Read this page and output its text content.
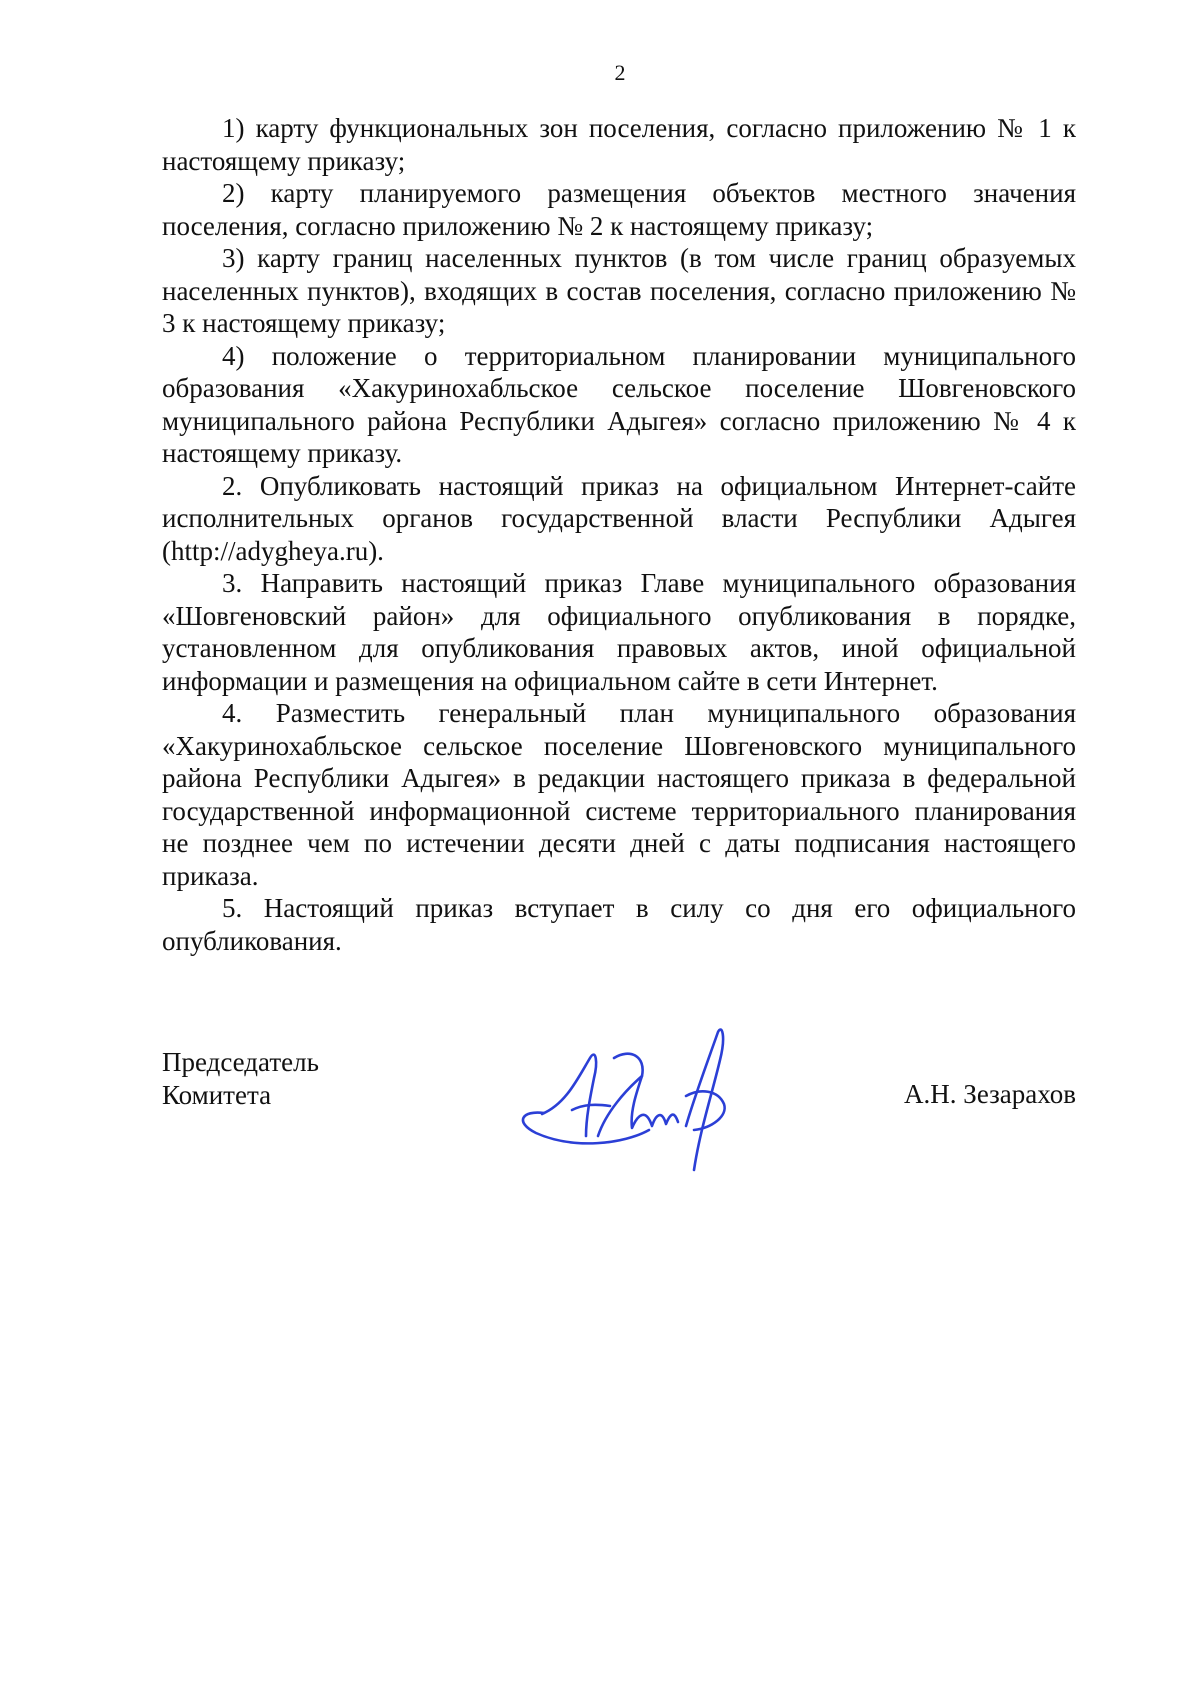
2

1) карту функциональных зон поселения, согласно приложению № 1 к настоящему приказу;

2) карту планируемого размещения объектов местного значения поселения, согласно приложению № 2 к настоящему приказу;

3) карту границ населенных пунктов (в том числе границ образуемых населенных пунктов), входящих в состав поселения, согласно приложению № 3 к настоящему приказу;

4) положение о территориальном планировании муниципального образования «Хакуринохабльское сельское поселение Шовгеновского муниципального района Республики Адыгея» согласно приложению № 4 к настоящему приказу.

2. Опубликовать настоящий приказ на официальном Интернет-сайте исполнительных органов государственной власти Республики Адыгея (http://adygheya.ru).

3. Направить настоящий приказ Главе муниципального образования «Шовгеновский район» для официального опубликования в порядке, установленном для опубликования правовых актов, иной официальной информации и размещения на официальном сайте в сети Интернет.

4. Разместить генеральный план муниципального образования «Хакуринохабльское сельское поселение Шовгеновского муниципального района Республики Адыгея» в редакции настоящего приказа в федеральной государственной информационной системе территориального планирования не позднее чем по истечении десяти дней с даты подписания настоящего приказа.

5. Настоящий приказ вступает в силу со дня его официального опубликования.

Председатель
Комитета	А.Н. Зезарахов
